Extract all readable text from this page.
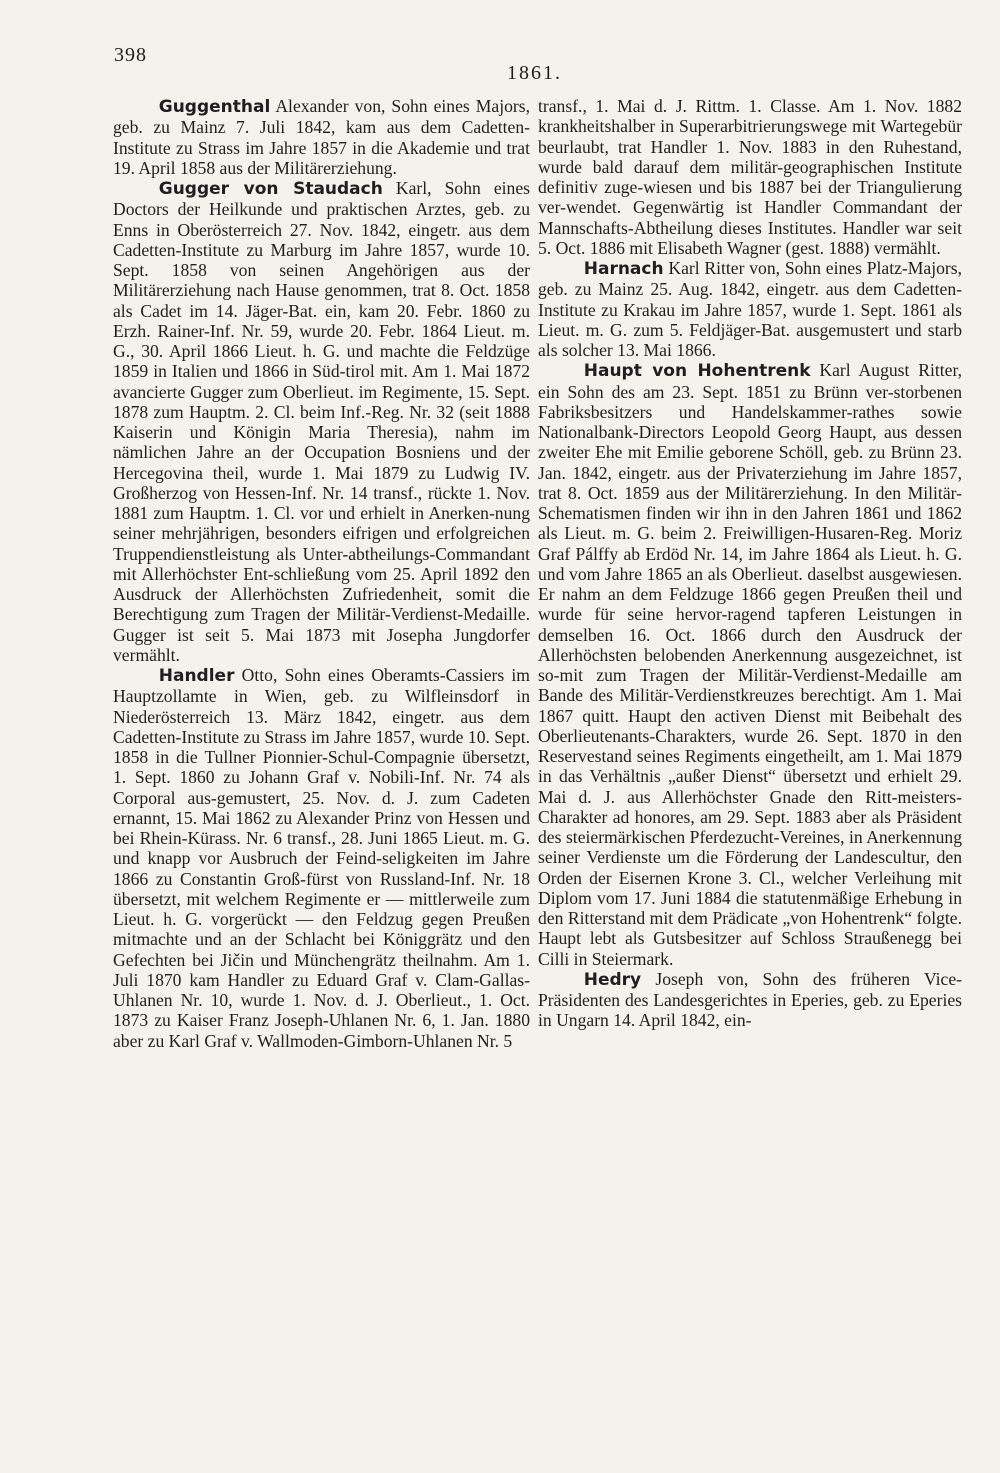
398
1861.

Guggenthal Alexander von, Sohn eines Majors, geb. zu Mainz 7. Juli 1842, kam aus dem Cadetten-Institute zu Strass im Jahre 1857 in die Akademie und trat 19. April 1858 aus der Militärerziehung.

Gugger von Staudach Karl, Sohn eines Doctors der Heilkunde und praktischen Arztes, geb. zu Enns in Oberösterreich 27. Nov. 1842, eingetr. aus dem Cadetten-Institute zu Marburg im Jahre 1857, wurde 10. Sept. 1858 von seinen Angehörigen aus der Militärerziehung nach Hause genommen, trat 8. Oct. 1858 als Cadet im 14. Jäger-Bat. ein, kam 20. Febr. 1860 zu Erzh. Rainer-Inf. Nr. 59, wurde 20. Febr. 1864 Lieut. m. G., 30. April 1866 Lieut. h. G. und machte die Feldzüge 1859 in Italien und 1866 in Süd-tirol mit. Am 1. Mai 1872 avancierte Gugger zum Oberlieut. im Regimente, 15. Sept. 1878 zum Hauptm. 2. Cl. beim Inf.-Reg. Nr. 32 (seit 1888 Kaiserin und Königin Maria Theresia), nahm im nämlichen Jahre an der Occupation Bosniens und der Hercegovina theil, wurde 1. Mai 1879 zu Ludwig IV. Großherzog von Hessen-Inf. Nr. 14 transf., rückte 1. Nov. 1881 zum Hauptm. 1. Cl. vor und erhielt in Anerken-nung seiner mehrjährigen, besonders eifrigen und erfolgreichen Truppendienstleistung als Unter-abtheilungs-Commandant mit Allerhöchster Ent-schließung vom 25. April 1892 den Ausdruck der Allerhöchsten Zufriedenheit, somit die Berechtigung zum Tragen der Militär-Verdienst-Medaille. Gugger ist seit 5. Mai 1873 mit Josepha Jungdorfer vermählt.

Handler Otto, Sohn eines Oberamts-Cassiers im Hauptzollamte in Wien, geb. zu Wilfleinsdorf in Niederösterreich 13. März 1842, eingetr. aus dem Cadetten-Institute zu Strass im Jahre 1857, wurde 10. Sept. 1858 in die Tullner Pionnier-Schul-Compagnie übersetzt, 1. Sept. 1860 zu Johann Graf v. Nobili-Inf. Nr. 74 als Corporal aus-gemustert, 25. Nov. d. J. zum Cadeten ernannt, 15. Mai 1862 zu Alexander Prinz von Hessen und bei Rhein-Kürass. Nr. 6 transf., 28. Juni 1865 Lieut. m. G. und knapp vor Ausbruch der Feind-seligkeiten im Jahre 1866 zu Constantin Groß-fürst von Russland-Inf. Nr. 18 übersetzt, mit welchem Regimente er — mittlerweile zum Lieut. h. G. vorgerückt — den Feldzug gegen Preußen mitmachte und an der Schlacht bei Königgrätz und den Gefechten bei Jičin und Münchengrätz theilnahm. Am 1. Juli 1870 kam Handler zu Eduard Graf v. Clam-Gallas-Uhlanen Nr. 10, wurde 1. Nov. d. J. Oberlieut., 1. Oct. 1873 zu Kaiser Franz Joseph-Uhlanen Nr. 6, 1. Jan. 1880 aber zu Karl Graf v. Wallmoden-Gimborn-Uhlanen Nr. 5

transf., 1. Mai d. J. Rittm. 1. Classe. Am 1. Nov. 1882 krankheitshalber in Superarbitrierungswege mit Wartegebür beurlaubt, trat Handler 1. Nov. 1883 in den Ruhestand, wurde bald darauf dem militär-geographischen Institute definitiv zuge-wiesen und bis 1887 bei der Triangulierung ver-wendet. Gegenwärtig ist Handler Commandant der Mannschafts-Abtheilung dieses Institutes. Handler war seit 5. Oct. 1886 mit Elisabeth Wagner (gest. 1888) vermählt.

Harnach Karl Ritter von, Sohn eines Platz-Majors, geb. zu Mainz 25. Aug. 1842, eingetr. aus dem Cadetten-Institute zu Krakau im Jahre 1857, wurde 1. Sept. 1861 als Lieut. m. G. zum 5. Feldjäger-Bat. ausgemustert und starb als solcher 13. Mai 1866.

Haupt von Hohentrenk Karl August Ritter, ein Sohn des am 23. Sept. 1851 zu Brünn ver-storbenen Fabriksbesitzers und Handelskammer-rathes sowie Nationalbank-Directors Leopold Georg Haupt, aus dessen zweiter Ehe mit Emilie geborene Schöll, geb. zu Brünn 23. Jan. 1842, eingetr. aus der Privaterziehung im Jahre 1857, trat 8. Oct. 1859 aus der Militärerziehung. In den Militär-Schematismen finden wir ihn in den Jahren 1861 und 1862 als Lieut. m. G. beim 2. Freiwilligen-Husaren-Reg. Moriz Graf Pálffy ab Erdöd Nr. 14, im Jahre 1864 als Lieut. h. G. und vom Jahre 1865 an als Oberlieut. daselbst ausgewiesen. Er nahm an dem Feldzuge 1866 gegen Preußen theil und wurde für seine hervor-ragend tapferen Leistungen in demselben 16. Oct. 1866 durch den Ausdruck der Allerhöchsten belobenden Anerkennung ausgezeichnet, ist so-mit zum Tragen der Militär-Verdienst-Medaille am Bande des Militär-Verdienstkreuzes berechtigt. Am 1. Mai 1867 quitt. Haupt den activen Dienst mit Beibehalt des Oberlieutenants-Charakters, wurde 26. Sept. 1870 in den Reservestand seines Regiments eingetheilt, am 1. Mai 1879 in das Verhältnis „außer Dienst“ übersetzt und erhielt 29. Mai d. J. aus Allerhöchster Gnade den Ritt-meisters-Charakter ad honores, am 29. Sept. 1883 aber als Präsident des steiermärkischen Pferdezucht-Vereines, in Anerkennung seiner Verdienste um die Förderung der Landescultur, den Orden der Eisernen Krone 3. Cl., welcher Verleihung mit Diplom vom 17. Juni 1884 die statutenmäßige Erhebung in den Ritterstand mit dem Prädicate „von Hohentrenk“ folgte. Haupt lebt als Gutsbesitzer auf Schloss Straußenegg bei Cilli in Steiermark.

Hedry Joseph von, Sohn des früheren Vice-Präsidenten des Landesgerichtes in Eperies, geb. zu Eperies in Ungarn 14. April 1842, ein-
